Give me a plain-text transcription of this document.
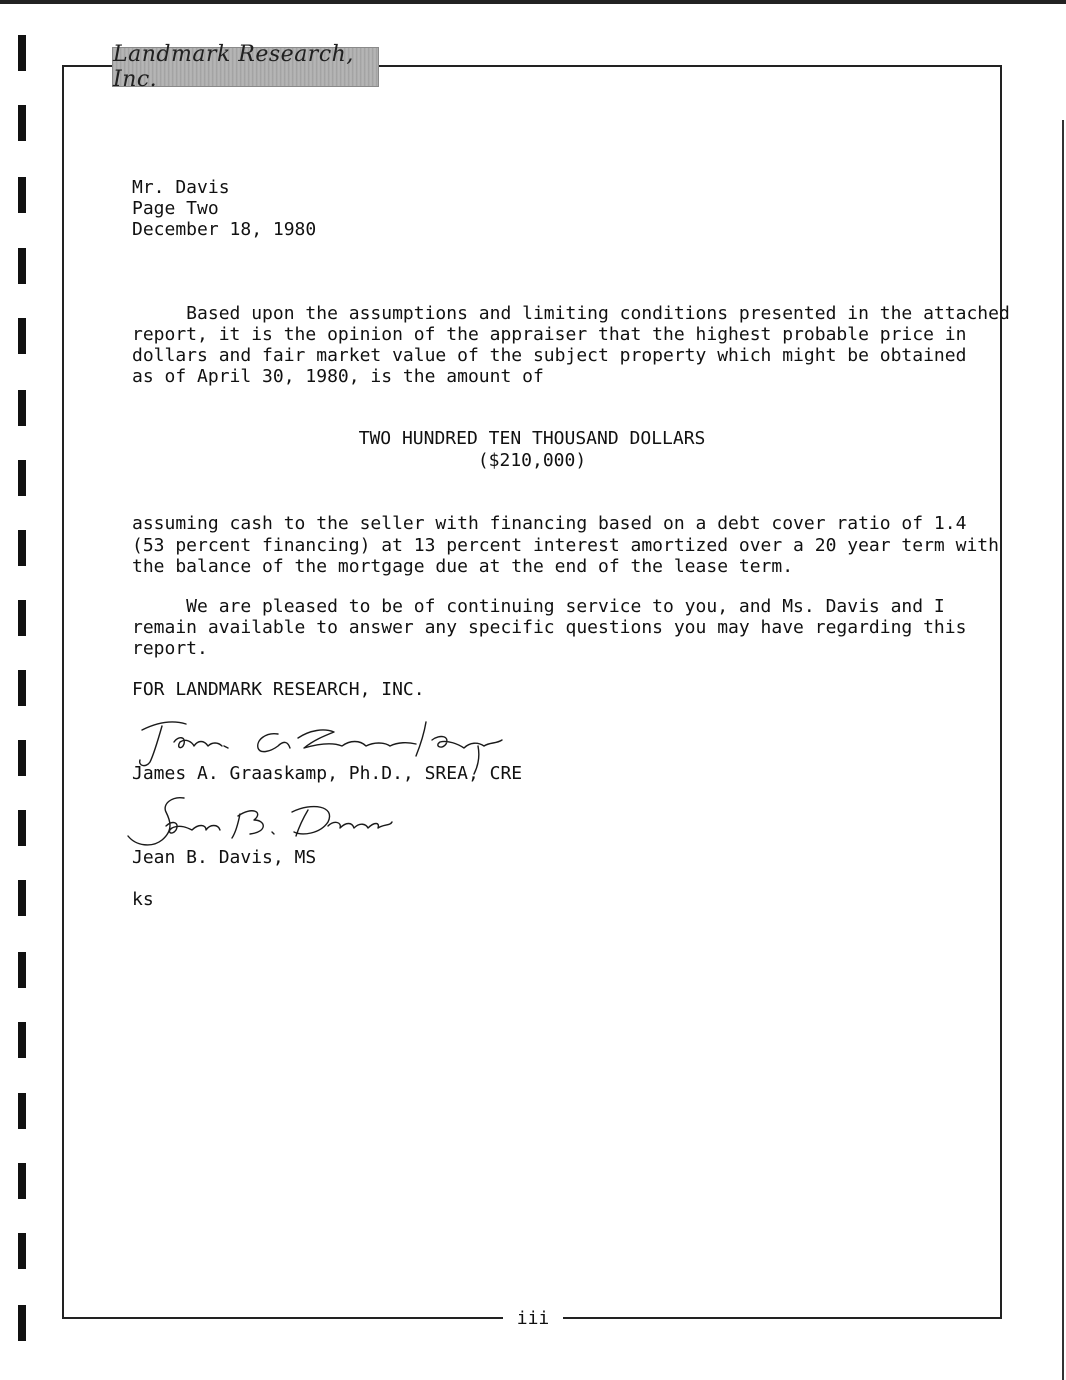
Landmark Research, Inc.
iii
Mr. Davis
Page Two
December 18, 1980
Based upon the assumptions and limiting conditions presented in the attached
report, it is the opinion of the appraiser that the highest probable price in
dollars and fair market value of the subject property which might be obtained
as of April 30, 1980, is the amount of
TWO HUNDRED TEN THOUSAND DOLLARS
($210,000)
assuming cash to the seller with financing based on a debt cover ratio of 1.4
(53 percent financing) at 13 percent interest amortized over a 20 year term with
the balance of the mortgage due at the end of the lease term.
We are pleased to be of continuing service to you, and Ms. Davis and I
remain available to answer any specific questions you may have regarding this
report.
FOR LANDMARK RESEARCH, INC.
James A. Graaskamp, Ph.D., SREA, CRE
Jean B. Davis, MS
ks
